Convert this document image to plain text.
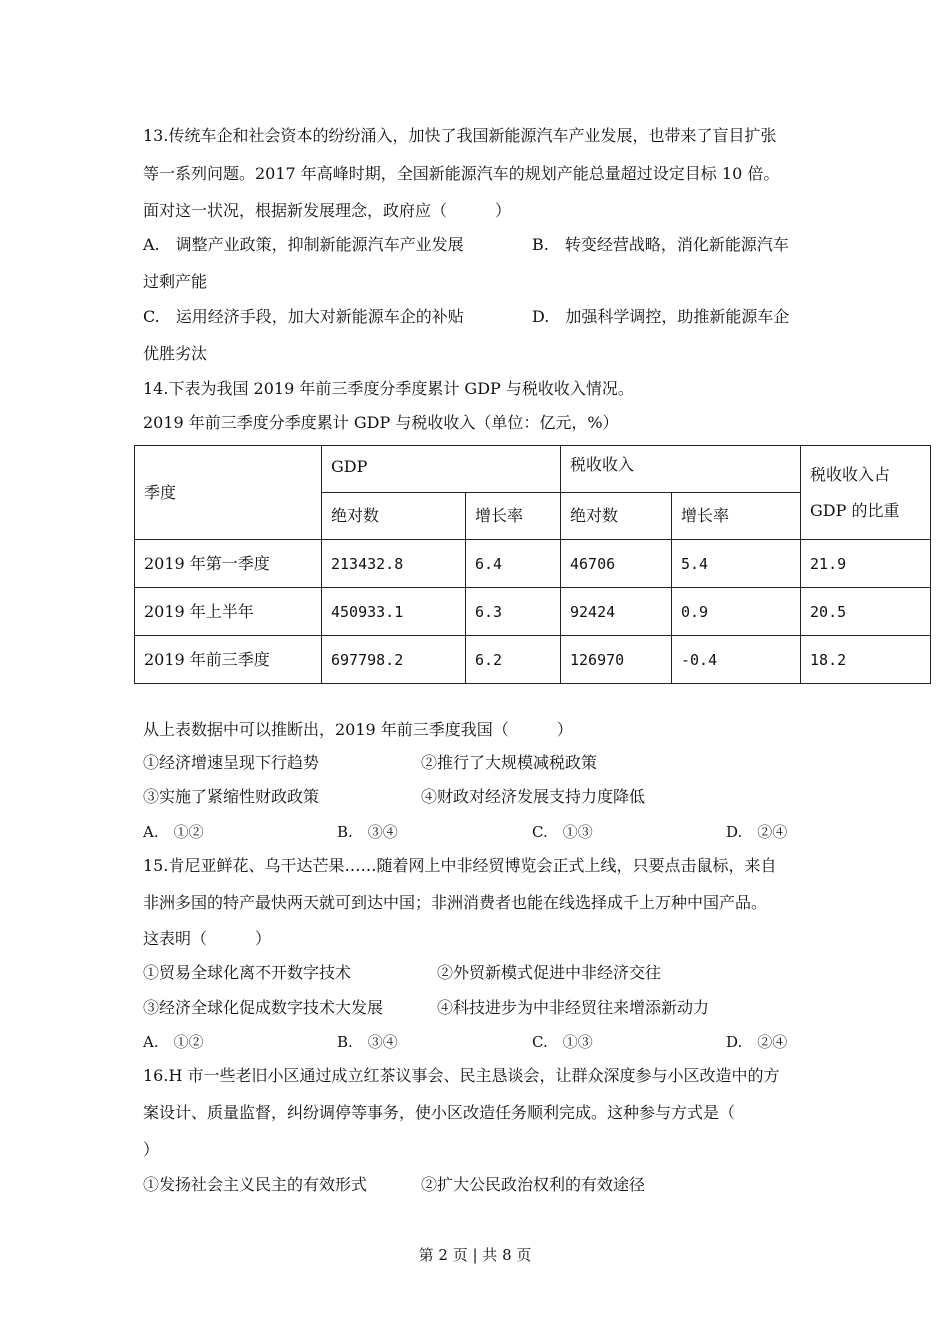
13.传统车企和社会资本的纷纷涌入，加快了我国新能源汽车产业发展，也带来了盲目扩张
等一系列问题。2017 年高峰时期，全国新能源汽车的规划产能总量超过设定目标 10 倍。
面对这一状况，根据新发展理念，政府应（　　　）
A.　调整产业政策，抑制新能源汽车产业发展	B.　转变经营战略，消化新能源汽车
过剩产能
C.　运用经济手段，加大对新能源车企的补贴	D.　加强科学调控，助推新能源车企
优胜劣汰
14.下表为我国 2019 年前三季度分季度累计 GDP 与税收收入情况。
2019 年前三季度分季度累计 GDP 与税收收入（单位：亿元，%）
季度	GDP		税收收入		税收收入占
GDP 的比重

	绝对数	增长率	绝对数	增长率	
2019 年第一季度	213432.8	6.4	46706	5.4	21.9
2019 年上半年	450933.1	6.3	92424	0.9	20.5
2019 年前三季度	697798.2	6.2	126970	-0.4	18.2
从上表数据中可以推断出，2019 年前三季度我国（　　　）
①经济增速呈现下行趋势	②推行了大规模减税政策
③实施了紧缩性财政政策	④财政对经济发展支持力度降低
A.　①②	B.　③④	C.　①③	D.　②④
15.肯尼亚鲜花、乌干达芒果……随着网上中非经贸博览会正式上线，只要点击鼠标，来自
非洲多国的特产最快两天就可到达中国；非洲消费者也能在线选择成千上万种中国产品。
这表明（　　　）
①贸易全球化离不开数字技术	②外贸新模式促进中非经济交往
③经济全球化促成数字技术大发展	④科技进步为中非经贸往来增添新动力
A.　①②	B.　③④	C.　①③	D.　②④
16.H 市一些老旧小区通过成立红茶议事会、民主恳谈会，让群众深度参与小区改造中的方
案设计、质量监督，纠纷调停等事务，使小区改造任务顺利完成。这种参与方式是（
）
①发扬社会主义民主的有效形式	②扩大公民政治权利的有效途径
第 2 页 | 共 8 页
